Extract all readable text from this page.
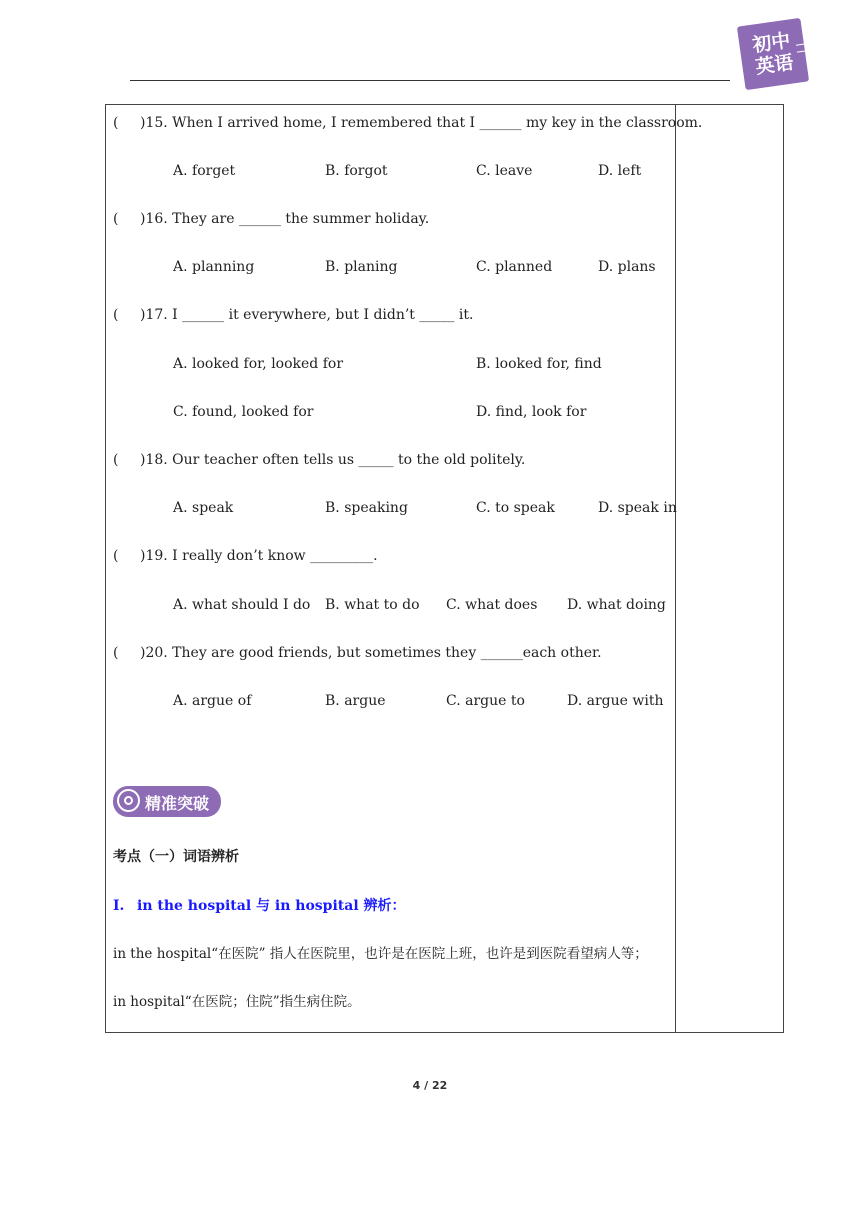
初中
英语
( )15. When I arrived home, I remembered that I ______ my key in the classroom.
A. forget	B. forgot	C. leave	D. left
( )16. They are ______ the summer holiday.
A. planning	B. planing	C. planned	D. plans
( )17. I ______ it everywhere, but I didn’t _____ it.
A. looked for, looked for	B. looked for, find
C. found, looked for	D. find, look for
( )18. Our teacher often tells us _____ to the old politely.
A. speak	B. speaking	C. to speak	D. speak in
( )19. I really don’t know _________.
A. what should I do B. what to do C. what does D. what doing
( )20. They are good friends, but sometimes they ______each other.
A. argue of	B. argue	C. argue to	D. argue with
精准突破
考点（一）词语辨析
I. in the hospital 与 in hospital 辨析：
in the hospital“在医院” 指人在医院里，也许是在医院上班，也许是到医院看望病人等；
in hospital“在医院；住院”指生病住院。
4 / 22
